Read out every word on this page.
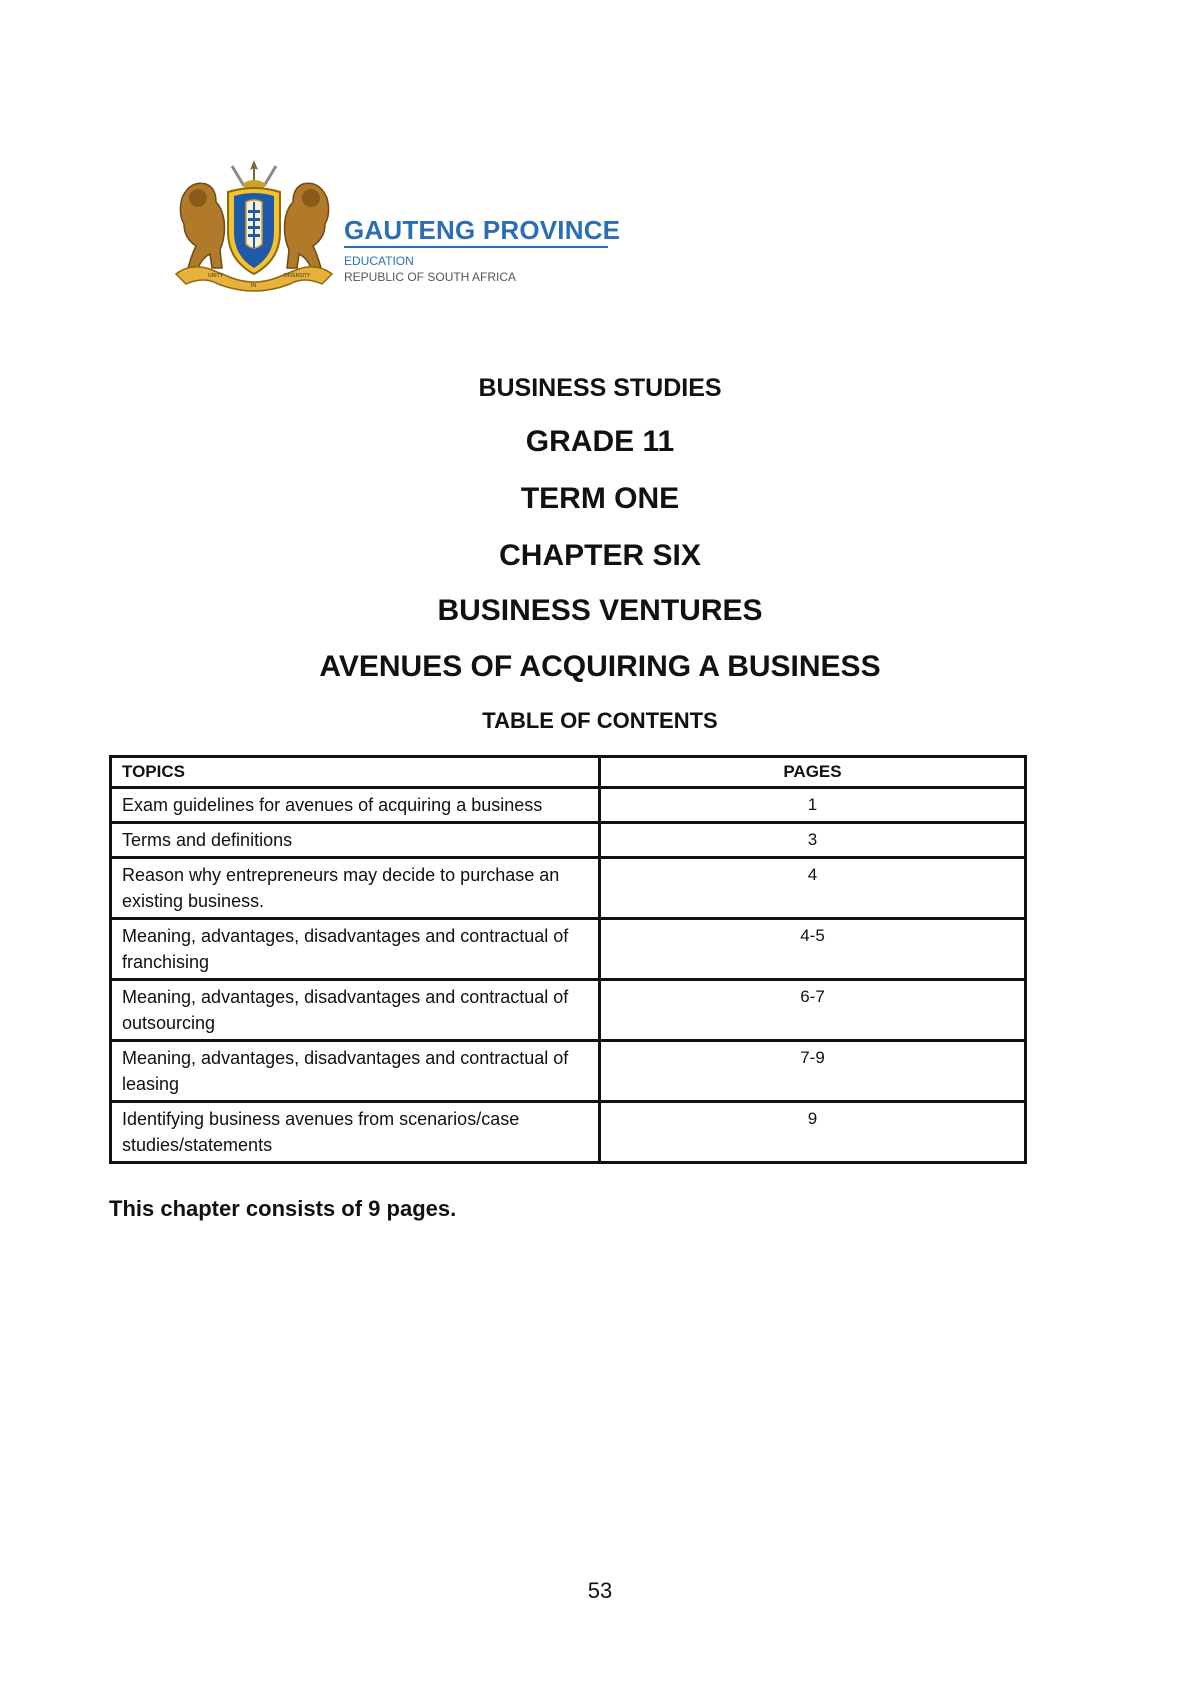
UNITY
IN
DIVERSITY
GAUTENG PROVINCE
EDUCATION
REPUBLIC OF SOUTH AFRICA
BUSINESS STUDIES
GRADE 11
TERM ONE
CHAPTER SIX
BUSINESS VENTURES
AVENUES OF ACQUIRING A BUSINESS
TABLE OF CONTENTS
TOPICS	PAGES
Exam guidelines for avenues of acquiring a business	1
Terms and definitions	3
Reason why entrepreneurs may decide to purchase an existing business.	4
Meaning, advantages, disadvantages and contractual of franchising	4-5
Meaning, advantages, disadvantages and contractual of outsourcing	6-7
Meaning, advantages, disadvantages and contractual of leasing	7-9
Identifying business avenues from scenarios/case studies/statements	9
This chapter consists of 9 pages.
53
